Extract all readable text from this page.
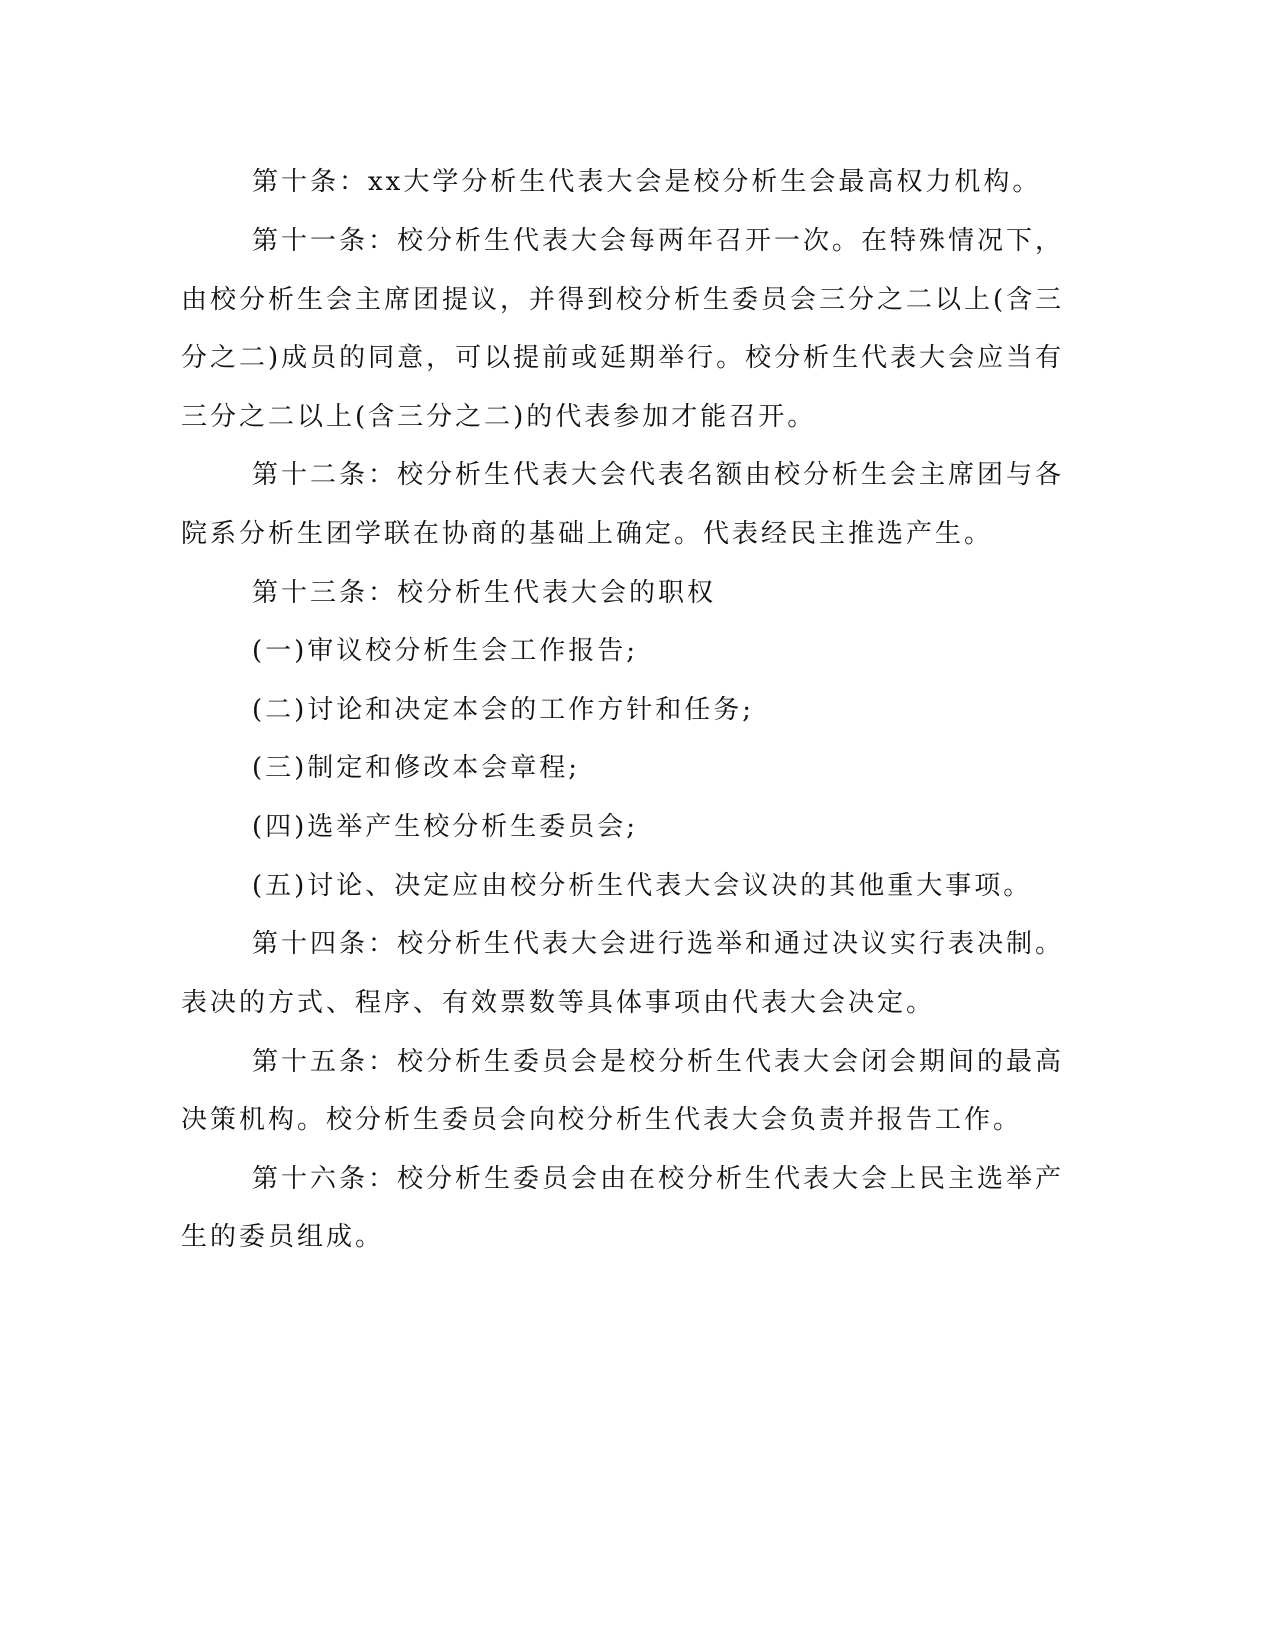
第十条：xx大学分析生代表大会是校分析生会最高权力机构。
第十一条：校分析生代表大会每两年召开一次。在特殊情况下，
由校分析生会主席团提议，并得到校分析生委员会三分之二以上(含三
分之二)成员的同意，可以提前或延期举行。校分析生代表大会应当有
三分之二以上(含三分之二)的代表参加才能召开。
第十二条：校分析生代表大会代表名额由校分析生会主席团与各
院系分析生团学联在协商的基础上确定。代表经民主推选产生。
第十三条：校分析生代表大会的职权
(一)审议校分析生会工作报告;
(二)讨论和决定本会的工作方针和任务;
(三)制定和修改本会章程;
(四)选举产生校分析生委员会;
(五)讨论、决定应由校分析生代表大会议决的其他重大事项。
第十四条：校分析生代表大会进行选举和通过决议实行表决制。
表决的方式、程序、有效票数等具体事项由代表大会决定。
第十五条：校分析生委员会是校分析生代表大会闭会期间的最高
决策机构。校分析生委员会向校分析生代表大会负责并报告工作。
第十六条：校分析生委员会由在校分析生代表大会上民主选举产
生的委员组成。
